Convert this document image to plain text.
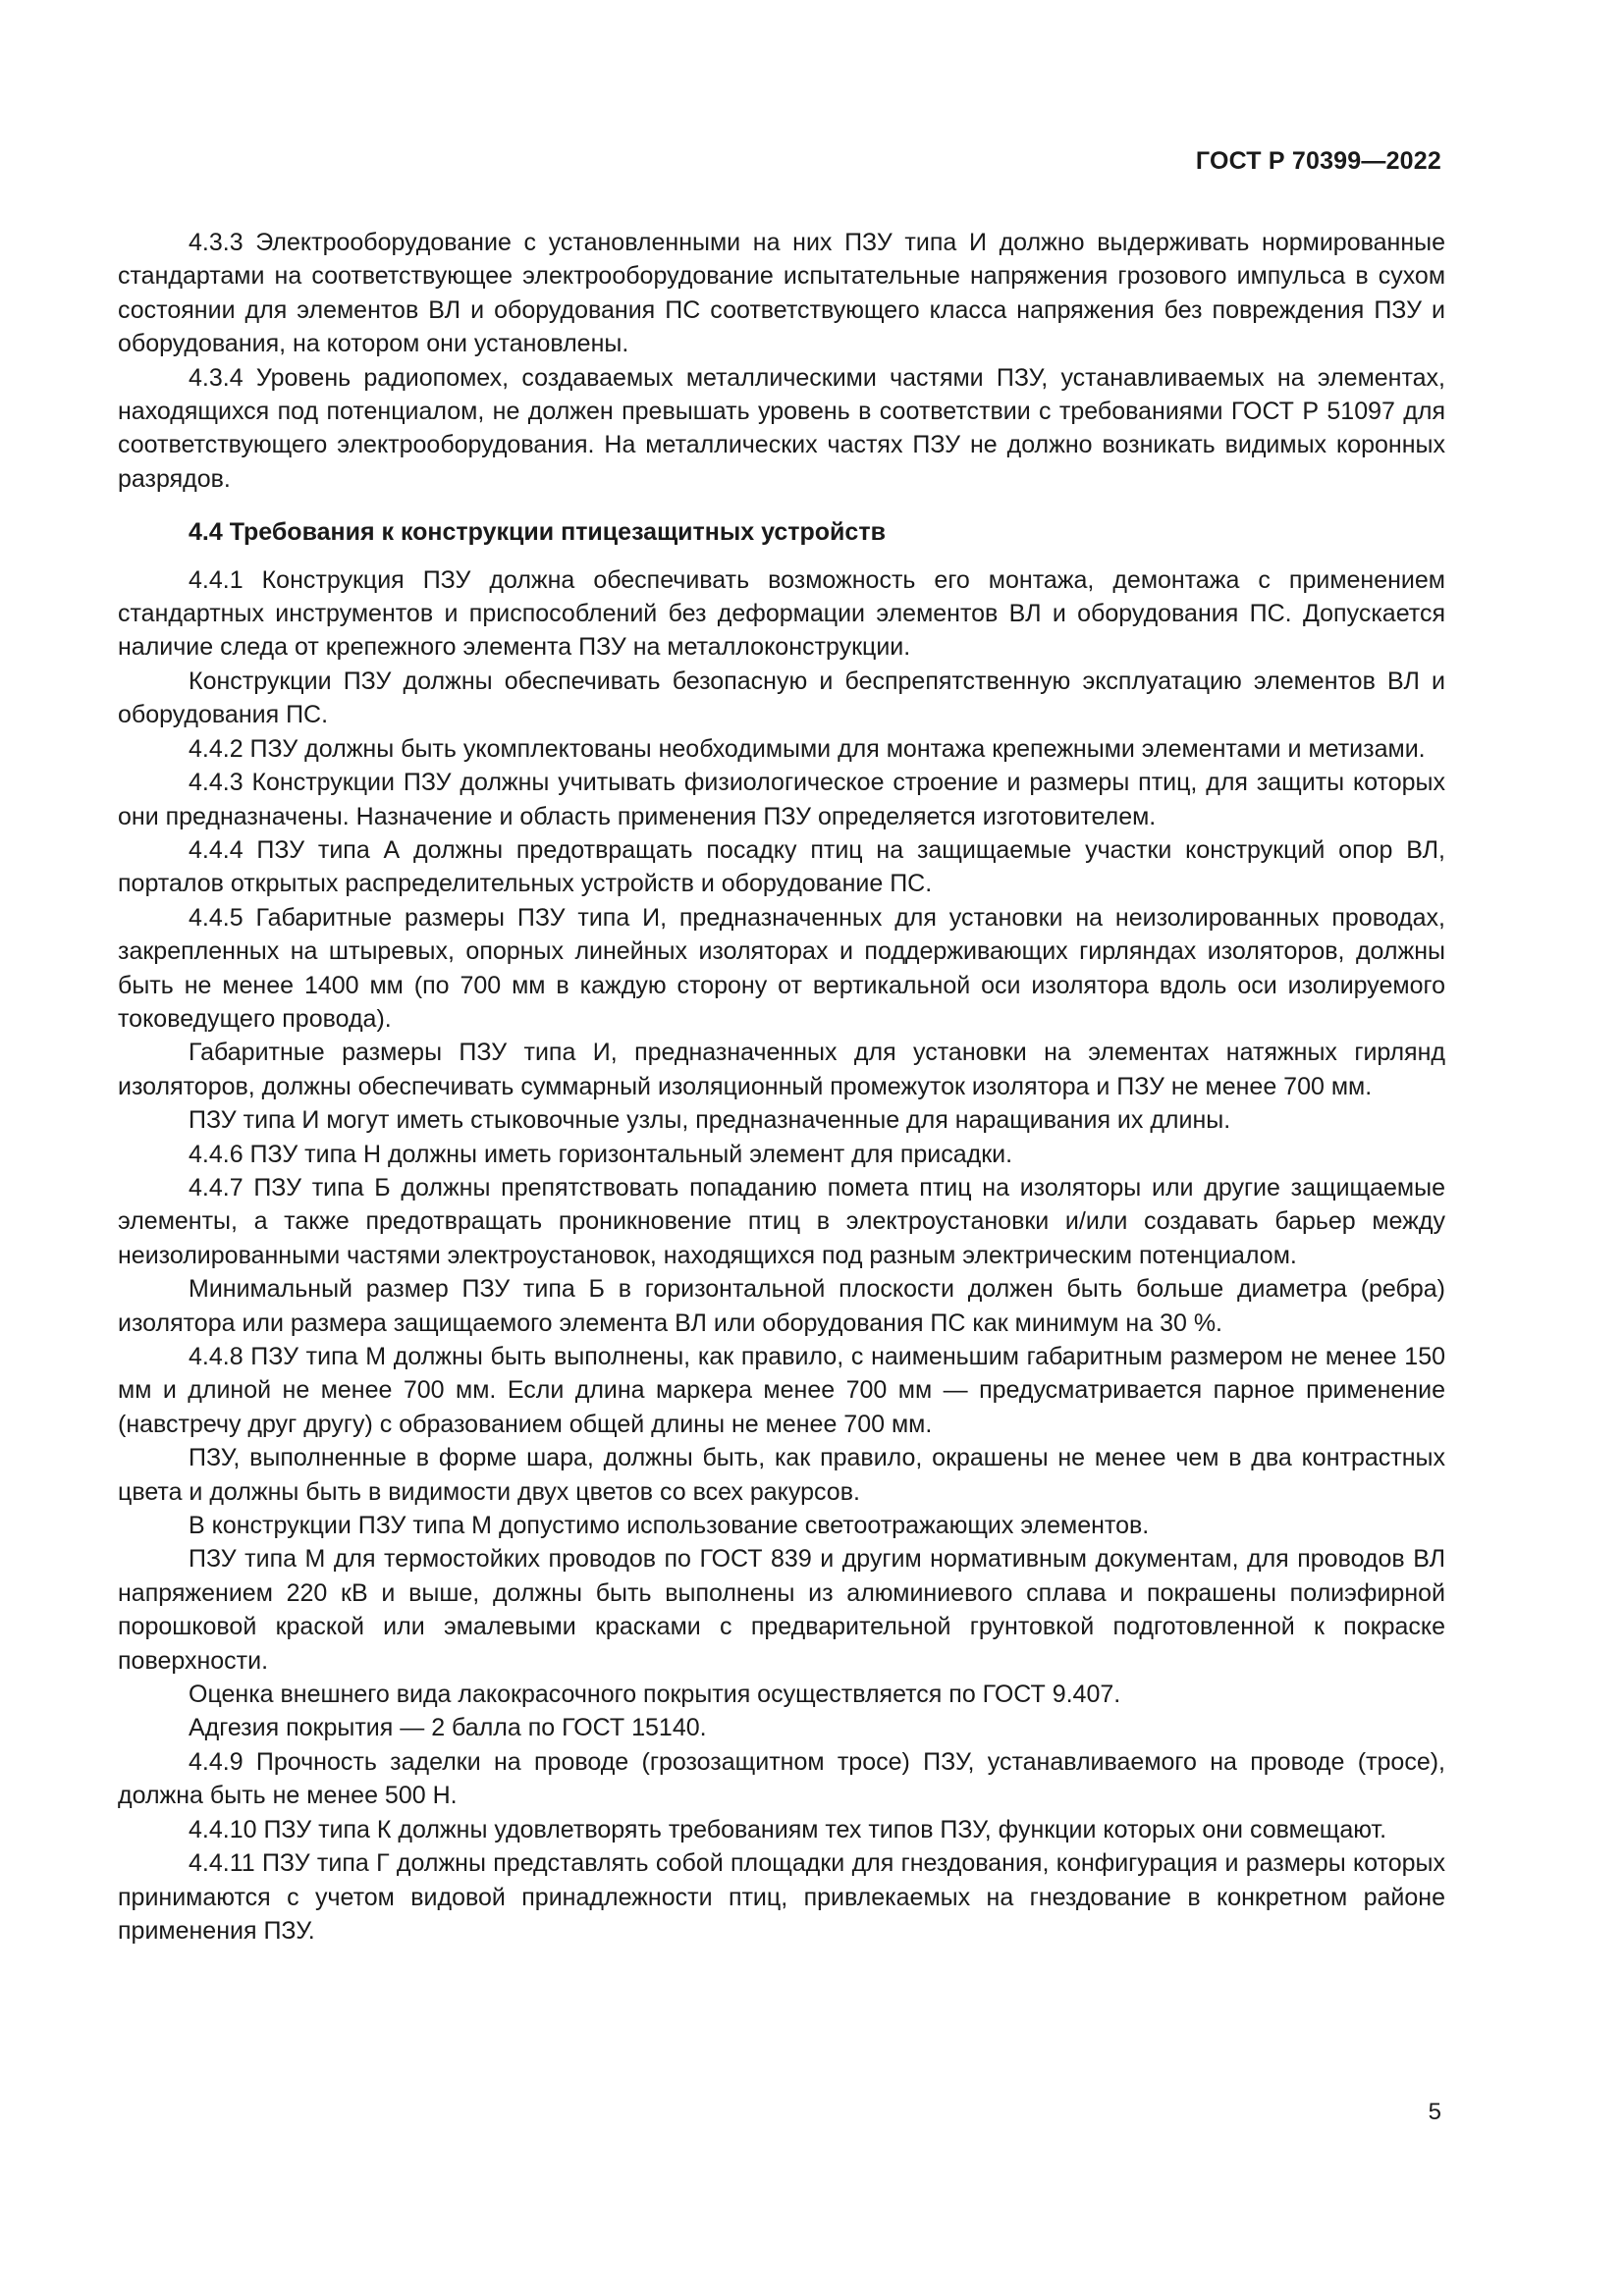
ГОСТ Р 70399—2022

4.3.3 Электрооборудование с установленными на них ПЗУ типа И должно выдерживать нормированные стандартами на соответствующее электрооборудование испытательные напряжения грозового импульса в сухом состоянии для элементов ВЛ и оборудования ПС соответствующего класса напряжения без повреждения ПЗУ и оборудования, на котором они установлены.

4.3.4 Уровень радиопомех, создаваемых металлическими частями ПЗУ, устанавливаемых на элементах, находящихся под потенциалом, не должен превышать уровень в соответствии с требованиями ГОСТ Р 51097 для соответствующего электрооборудования. На металлических частях ПЗУ не должно возникать видимых коронных разрядов.

4.4 Требования к конструкции птицезащитных устройств

4.4.1 Конструкция ПЗУ должна обеспечивать возможность его монтажа, демонтажа с применением стандартных инструментов и приспособлений без деформации элементов ВЛ и оборудования ПС. Допускается наличие следа от крепежного элемента ПЗУ на металлоконструкции.

Конструкции ПЗУ должны обеспечивать безопасную и беспрепятственную эксплуатацию элементов ВЛ и оборудования ПС.

4.4.2 ПЗУ должны быть укомплектованы необходимыми для монтажа крепежными элементами и метизами.

4.4.3 Конструкции ПЗУ должны учитывать физиологическое строение и размеры птиц, для защиты которых они предназначены. Назначение и область применения ПЗУ определяется изготовителем.

4.4.4 ПЗУ типа А должны предотвращать посадку птиц на защищаемые участки конструкций опор ВЛ, порталов открытых распределительных устройств и оборудование ПС.

4.4.5 Габаритные размеры ПЗУ типа И, предназначенных для установки на неизолированных проводах, закрепленных на штыревых, опорных линейных изоляторах и поддерживающих гирляндах изоляторов, должны быть не менее 1400 мм (по 700 мм в каждую сторону от вертикальной оси изолятора вдоль оси изолируемого токоведущего провода).

Габаритные размеры ПЗУ типа И, предназначенных для установки на элементах натяжных гирлянд изоляторов, должны обеспечивать суммарный изоляционный промежуток изолятора и ПЗУ не менее 700 мм.

ПЗУ типа И могут иметь стыковочные узлы, предназначенные для наращивания их длины.

4.4.6 ПЗУ типа Н должны иметь горизонтальный элемент для присадки.

4.4.7 ПЗУ типа Б должны препятствовать попаданию помета птиц на изоляторы или другие защищаемые элементы, а также предотвращать проникновение птиц в электроустановки и/или создавать барьер между неизолированными частями электроустановок, находящихся под разным электрическим потенциалом.

Минимальный размер ПЗУ типа Б в горизонтальной плоскости должен быть больше диаметра (ребра) изолятора или размера защищаемого элемента ВЛ или оборудования ПС как минимум на 30 %.

4.4.8 ПЗУ типа М должны быть выполнены, как правило, с наименьшим габаритным размером не менее 150 мм и длиной не менее 700 мм. Если длина маркера менее 700 мм — предусматривается парное применение (навстречу друг другу) с образованием общей длины не менее 700 мм.

ПЗУ, выполненные в форме шара, должны быть, как правило, окрашены не менее чем в два контрастных цвета и должны быть в видимости двух цветов со всех ракурсов.

В конструкции ПЗУ типа М допустимо использование светоотражающих элементов.

ПЗУ типа М для термостойких проводов по ГОСТ 839 и другим нормативным документам, для проводов ВЛ напряжением 220 кВ и выше, должны быть выполнены из алюминиевого сплава и покрашены полиэфирной порошковой краской или эмалевыми красками с предварительной грунтовкой подготовленной к покраске поверхности.

Оценка внешнего вида лакокрасочного покрытия осуществляется по ГОСТ 9.407.

Адгезия покрытия — 2 балла по ГОСТ 15140.

4.4.9 Прочность заделки на проводе (грозозащитном тросе) ПЗУ, устанавливаемого на проводе (тросе), должна быть не менее 500 Н.

4.4.10 ПЗУ типа К должны удовлетворять требованиям тех типов ПЗУ, функции которых они совмещают.

4.4.11 ПЗУ типа Г должны представлять собой площадки для гнездования, конфигурация и размеры которых принимаются с учетом видовой принадлежности птиц, привлекаемых на гнездование в конкретном районе применения ПЗУ.

5
